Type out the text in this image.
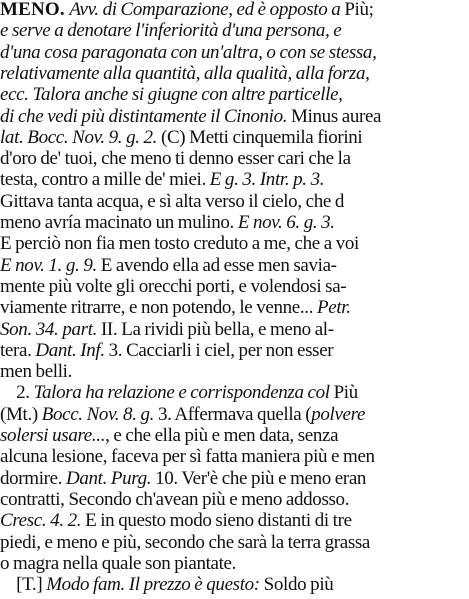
MENO. Avv. di Comparazione, ed è opposto a Più;
e serve a denotare l'inferiorità d'una persona, e
d'una cosa paragonata con un'altra, o con se stessa,
relativamente alla quantità, alla qualità, alla forza,
ecc. Talora anche si giugne con altre particelle,
di che vedi più distintamente il Cinonio. Minus aurea
lat. Bocc. Nov. 9. g. 2. (C) Metti cinquemila fiorini
d'oro de' tuoi, che meno ti denno esser cari che la
testa, contro a mille de' miei. E g. 3. Intr. p. 3.
Gittava tanta acqua, e sì alta verso il cielo, che d
meno avría macinato un mulino. E nov. 6. g. 3.
E perciò non fia men tosto creduto a me, che a voi
E nov. 1. g. 9. E avendo ella ad esse men savia-
mente più volte gli orecchi porti, e volendosi sa-
viamente ritrarre, e non potendo, le venne... Petr.
Son. 34. part. II. La rividi più bella, e meno al-
tera. Dant. Inf. 3. Cacciarli i ciel, per non esser
men belli.
2. Talora ha relazione e corrispondenza col Più
(Mt.) Bocc. Nov. 8. g. 3. Affermava quella (polvere
solersi usare..., e che ella più e men data, senza
alcuna lesione, faceva per sì fatta maniera più e men
dormire. Dant. Purg. 10. Ver'è che più e meno eran
contratti, Secondo ch'avean più e meno addosso.
Cresc. 4. 2. E in questo modo sieno distanti di tre
piedi, e meno e più, secondo che sarà la terra grassa
o magra nella quale son piantate.
[T.] Modo fam. Il prezzo è questo: Soldo più
